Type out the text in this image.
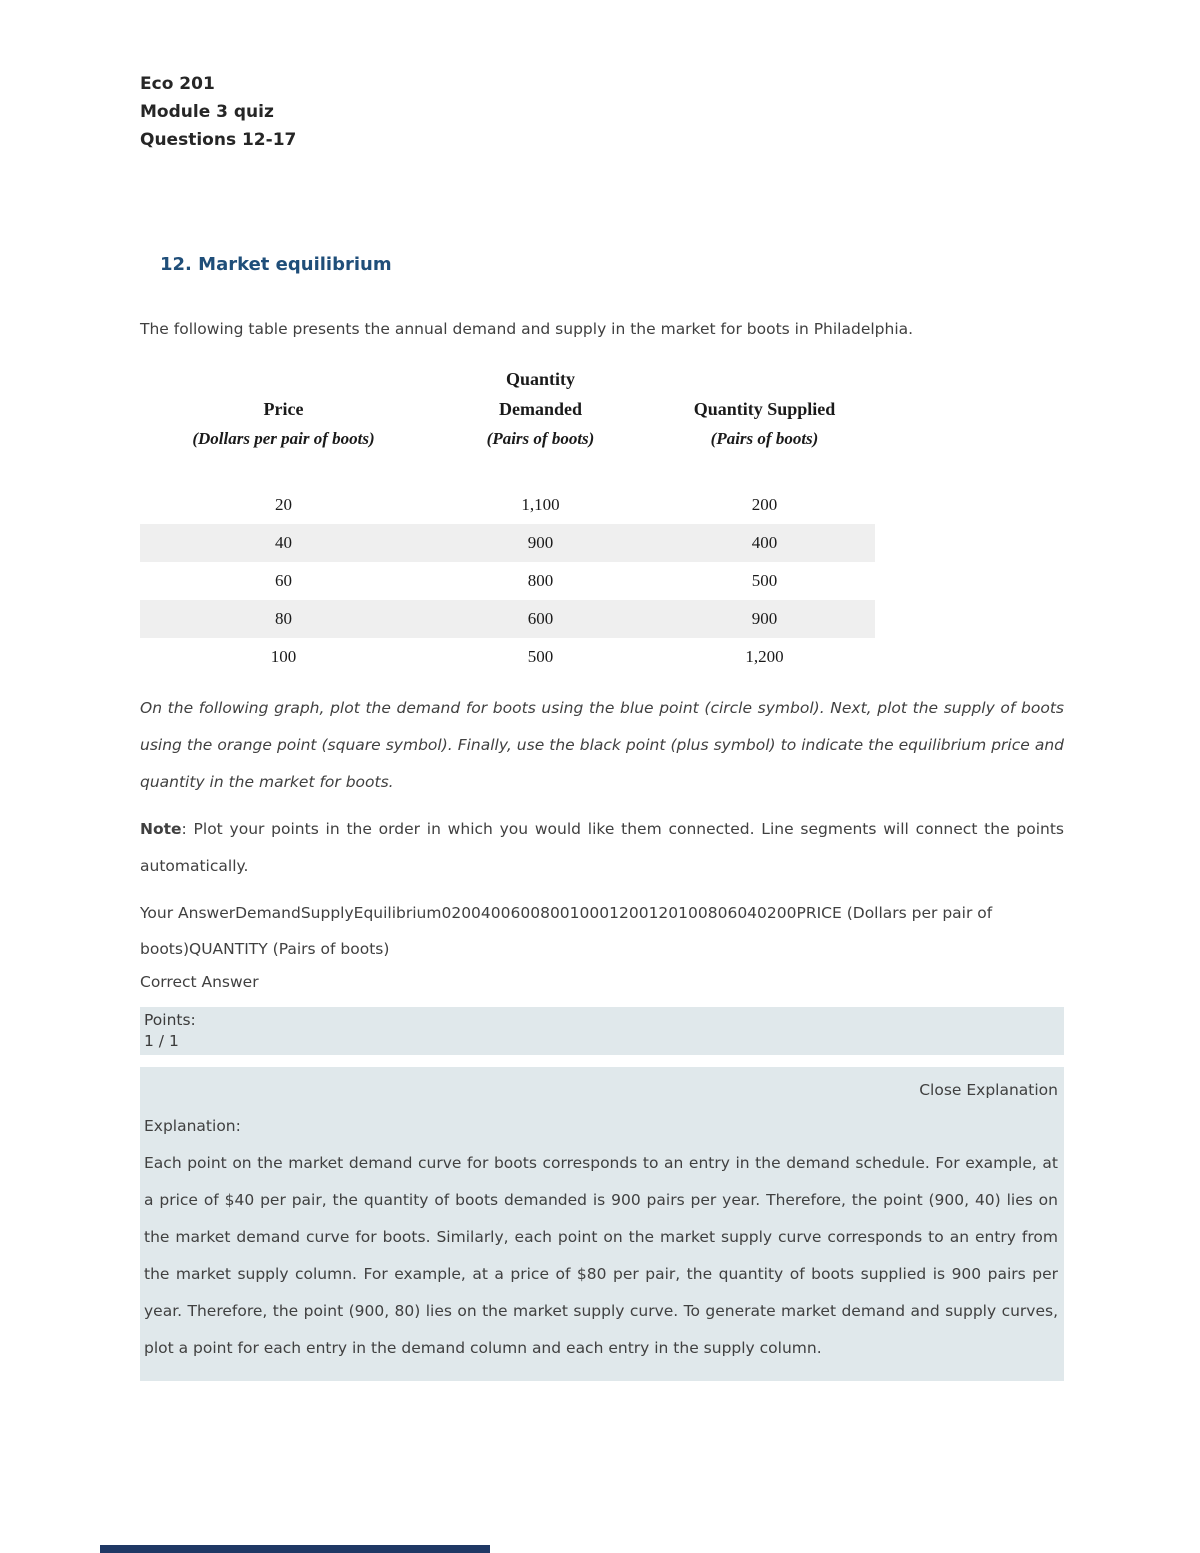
Eco 201
Module 3 quiz
Questions 12-17
12. Market equilibrium
The following table presents the annual demand and supply in the market for boots in Philadelphia.
Price
(Dollars per pair of boots)
Quantity Demanded
(Pairs of boots)
Quantity Supplied
(Pairs of boots)
20	1,100	200
40	900	400
60	800	500
80	600	900
100	500	1,200
On the following graph, plot the demand for boots using the blue point (circle symbol). Next, plot the supply of boots using the orange point (square symbol). Finally, use the black point (plus symbol) to indicate the equilibrium price and quantity in the market for boots.
Note: Plot your points in the order in which you would like them connected. Line segments will connect the points automatically.
Your AnswerDemandSupplyEquilibrium020040060080010001200120100806040200PRICE (Dollars per pair of boots)QUANTITY (Pairs of boots)
Correct Answer
Points:
1 / 1
Close Explanation
Explanation:
Each point on the market demand curve for boots corresponds to an entry in the demand schedule. For example, at a price of $40 per pair, the quantity of boots demanded is 900 pairs per year. Therefore, the point (900, 40) lies on the market demand curve for boots. Similarly, each point on the market supply curve corresponds to an entry from the market supply column. For example, at a price of $80 per pair, the quantity of boots supplied is 900 pairs per year. Therefore, the point (900, 80) lies on the market supply curve. To generate market demand and supply curves, plot a point for each entry in the demand column and each entry in the supply column.
